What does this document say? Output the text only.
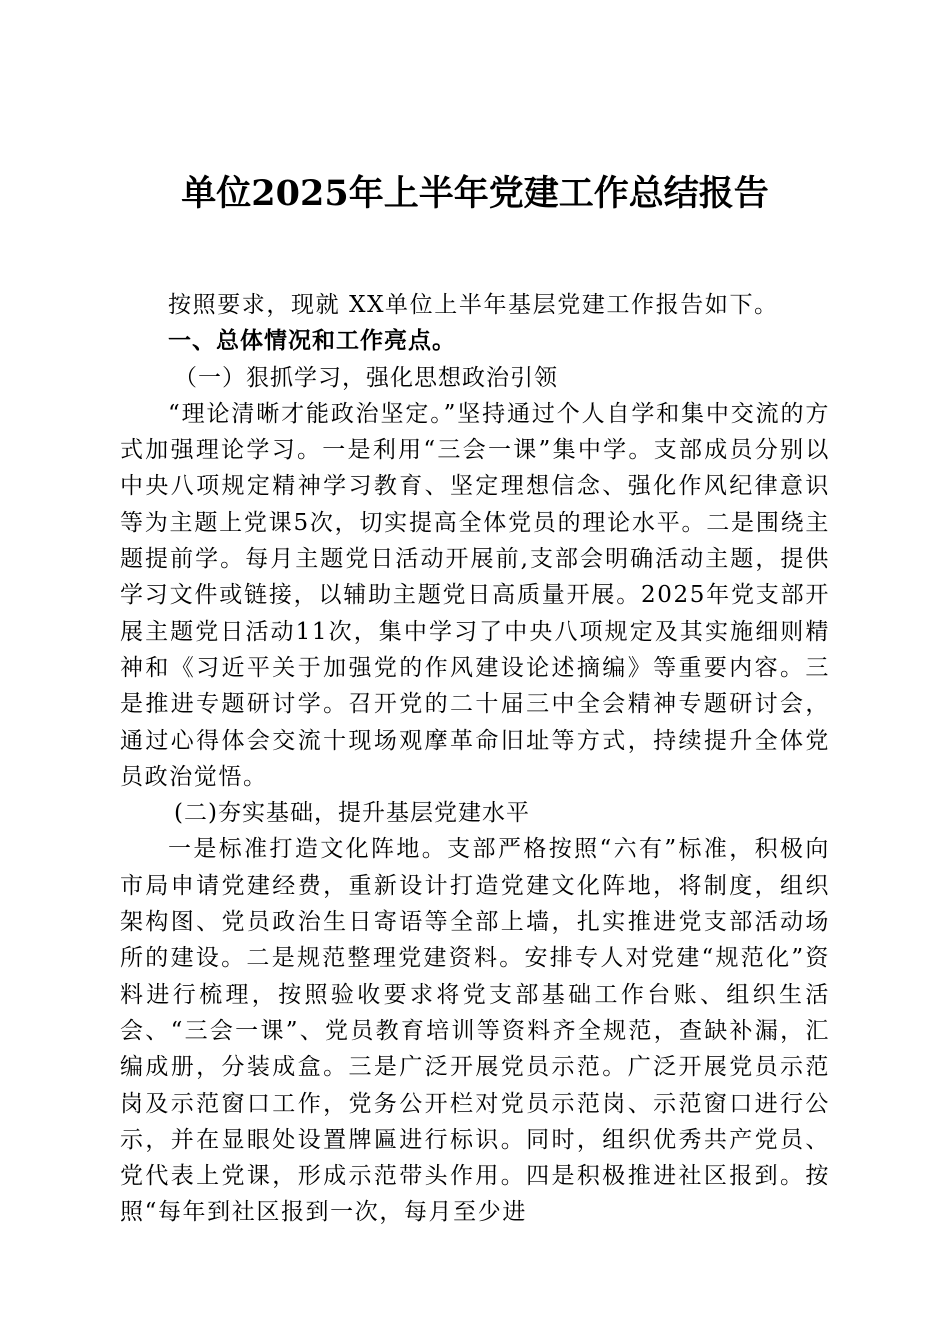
单位2025年上半年党建工作总结报告

按照要求，现就 XX单位上半年基层党建工作报告如下。

一、总体情况和工作亮点。

（一）狠抓学习，强化思想政治引领

“理论清晰才能政治坚定。”坚持通过个人自学和集中交流的方式加强理论学习。一是利用“三会一课”集中学。支部成员分别以中央八项规定精神学习教育、坚定理想信念、强化作风纪律意识等为主题上党课5次，切实提高全体党员的理论水平。二是围绕主题提前学。每月主题党日活动开展前,支部会明确活动主题，提供学习文件或链接，以辅助主题党日高质量开展。2025年党支部开展主题党日活动11次，集中学习了中央八项规定及其实施细则精神和《习近平关于加强党的作风建设论述摘编》等重要内容。三是推进专题研讨学。召开党的二十届三中全会精神专题研讨会，通过心得体会交流十现场观摩革命旧址等方式，持续提升全体党员政治觉悟。

(二)夯实基础，提升基层党建水平

一是标准打造文化阵地。支部严格按照“六有”标准，积极向市局申请党建经费，重新设计打造党建文化阵地，将制度，组织架构图、党员政治生日寄语等全部上墙，扎实推进党支部活动场所的建设。二是规范整理党建资料。安排专人对党建“规范化”资料进行梳理，按照验收要求将党支部基础工作台账、组织生活会、“三会一课”、党员教育培训等资料齐全规范，查缺补漏，汇编成册，分装成盒。三是广泛开展党员示范。广泛开展党员示范岗及示范窗口工作，党务公开栏对党员示范岗、示范窗口进行公示，并在显眼处设置牌匾进行标识。同时，组织优秀共产党员、党代表上党课，形成示范带头作用。四是积极推进社区报到。按照“每年到社区报到一次，每月至少进
